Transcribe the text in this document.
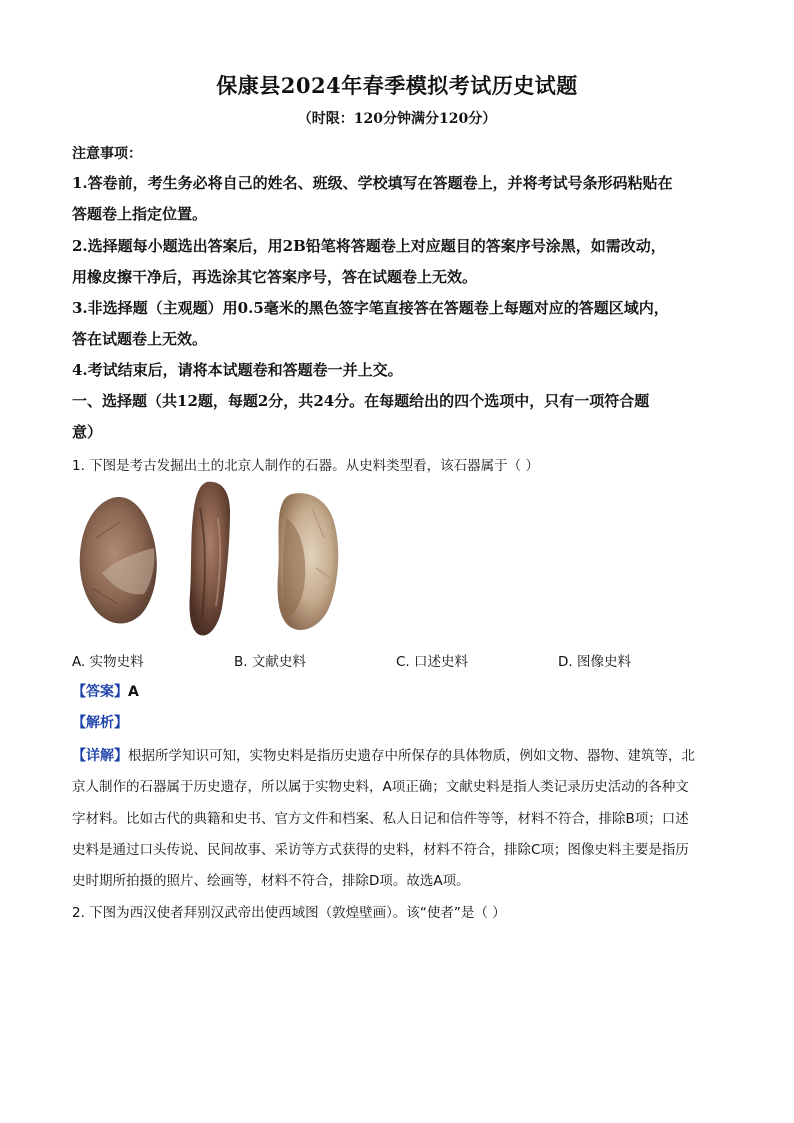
保康县2024年春季模拟考试历史试题
（时限：120分钟满分120分）
注意事项：
1.答卷前，考生务必将自己的姓名、班级、学校填写在答题卷上，并将考试号条形码粘贴在
答题卷上指定位置。
2.选择题每小题选出答案后，用2B铅笔将答题卷上对应题目的答案序号涂黑，如需改动，
用橡皮擦干净后，再选涂其它答案序号，答在试题卷上无效。
3.非选择题（主观题）用0.5毫米的黑色签字笔直接答在答题卷上每题对应的答题区域内，
答在试题卷上无效。
4.考试结束后，请将本试题卷和答题卷一并上交。
一、选择题（共12题，每题2分，共24分。在每题给出的四个选项中，只有一项符合题
意）
1. 下图是考古发掘出土的北京人制作的石器。从史料类型看，该石器属于（ ）
A. 实物史料	B. 文献史料	C. 口述史料	D. 图像史料
【答案】A
【解析】
【详解】根据所学知识可知，实物史料是指历史遗存中所保存的具体物质，例如文物、器物、建筑等，北
京人制作的石器属于历史遗存，所以属于实物史料，A项正确；文献史料是指人类记录历史活动的各种文
字材料。比如古代的典籍和史书、官方文件和档案、私人日记和信件等等，材料不符合，排除B项；口述
史料是通过口头传说、民间故事、采访等方式获得的史料，材料不符合，排除C项；图像史料主要是指历
史时期所拍摄的照片、绘画等，材料不符合，排除D项。故选A项。
2. 下图为西汉使者拜别汉武帝出使西域图（敦煌壁画）。该“使者”是（ ）
